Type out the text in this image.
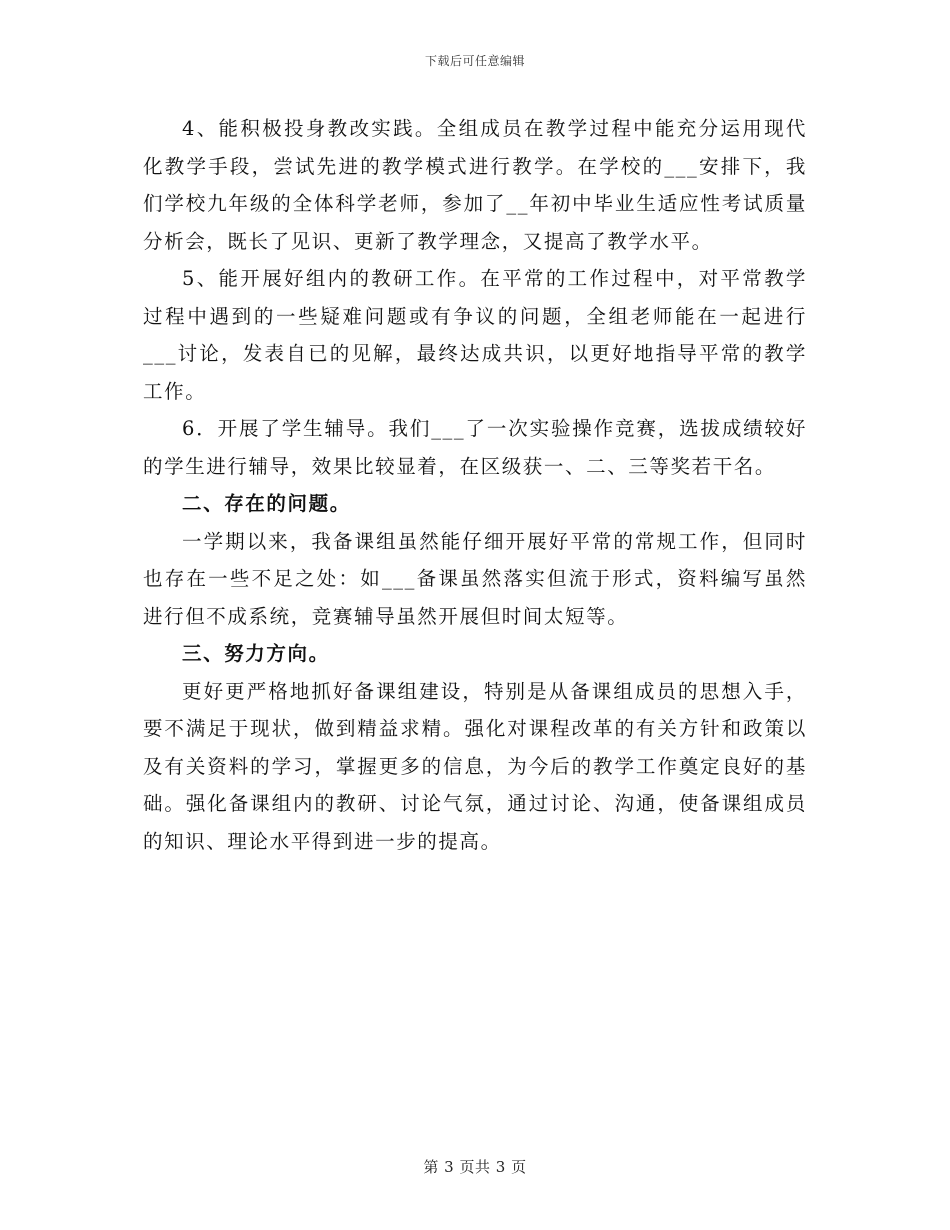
下载后可任意编辑

4、能积极投身教改实践。全组成员在教学过程中能充分运用现代化教学手段，尝试先进的教学模式进行教学。在学校的___安排下，我们学校九年级的全体科学老师，参加了__年初中毕业生适应性考试质量分析会，既长了见识、更新了教学理念，又提高了教学水平。

5、能开展好组内的教研工作。在平常的工作过程中，对平常教学过程中遇到的一些疑难问题或有争议的问题，全组老师能在一起进行___讨论，发表自已的见解，最终达成共识，以更好地指导平常的教学工作。

6．开展了学生辅导。我们___了一次实验操作竞赛，选拔成绩较好的学生进行辅导，效果比较显着，在区级获一、二、三等奖若干名。

二、存在的问题。

一学期以来，我备课组虽然能仔细开展好平常的常规工作，但同时也存在一些不足之处：如___备课虽然落实但流于形式，资料编写虽然进行但不成系统，竞赛辅导虽然开展但时间太短等。

三、努力方向。

更好更严格地抓好备课组建设，特别是从备课组成员的思想入手，要不满足于现状，做到精益求精。强化对课程改革的有关方针和政策以及有关资料的学习，掌握更多的信息，为今后的教学工作奠定良好的基础。强化备课组内的教研、讨论气氛，通过讨论、沟通，使备课组成员的知识、理论水平得到进一步的提高。

第 3 页共 3 页
